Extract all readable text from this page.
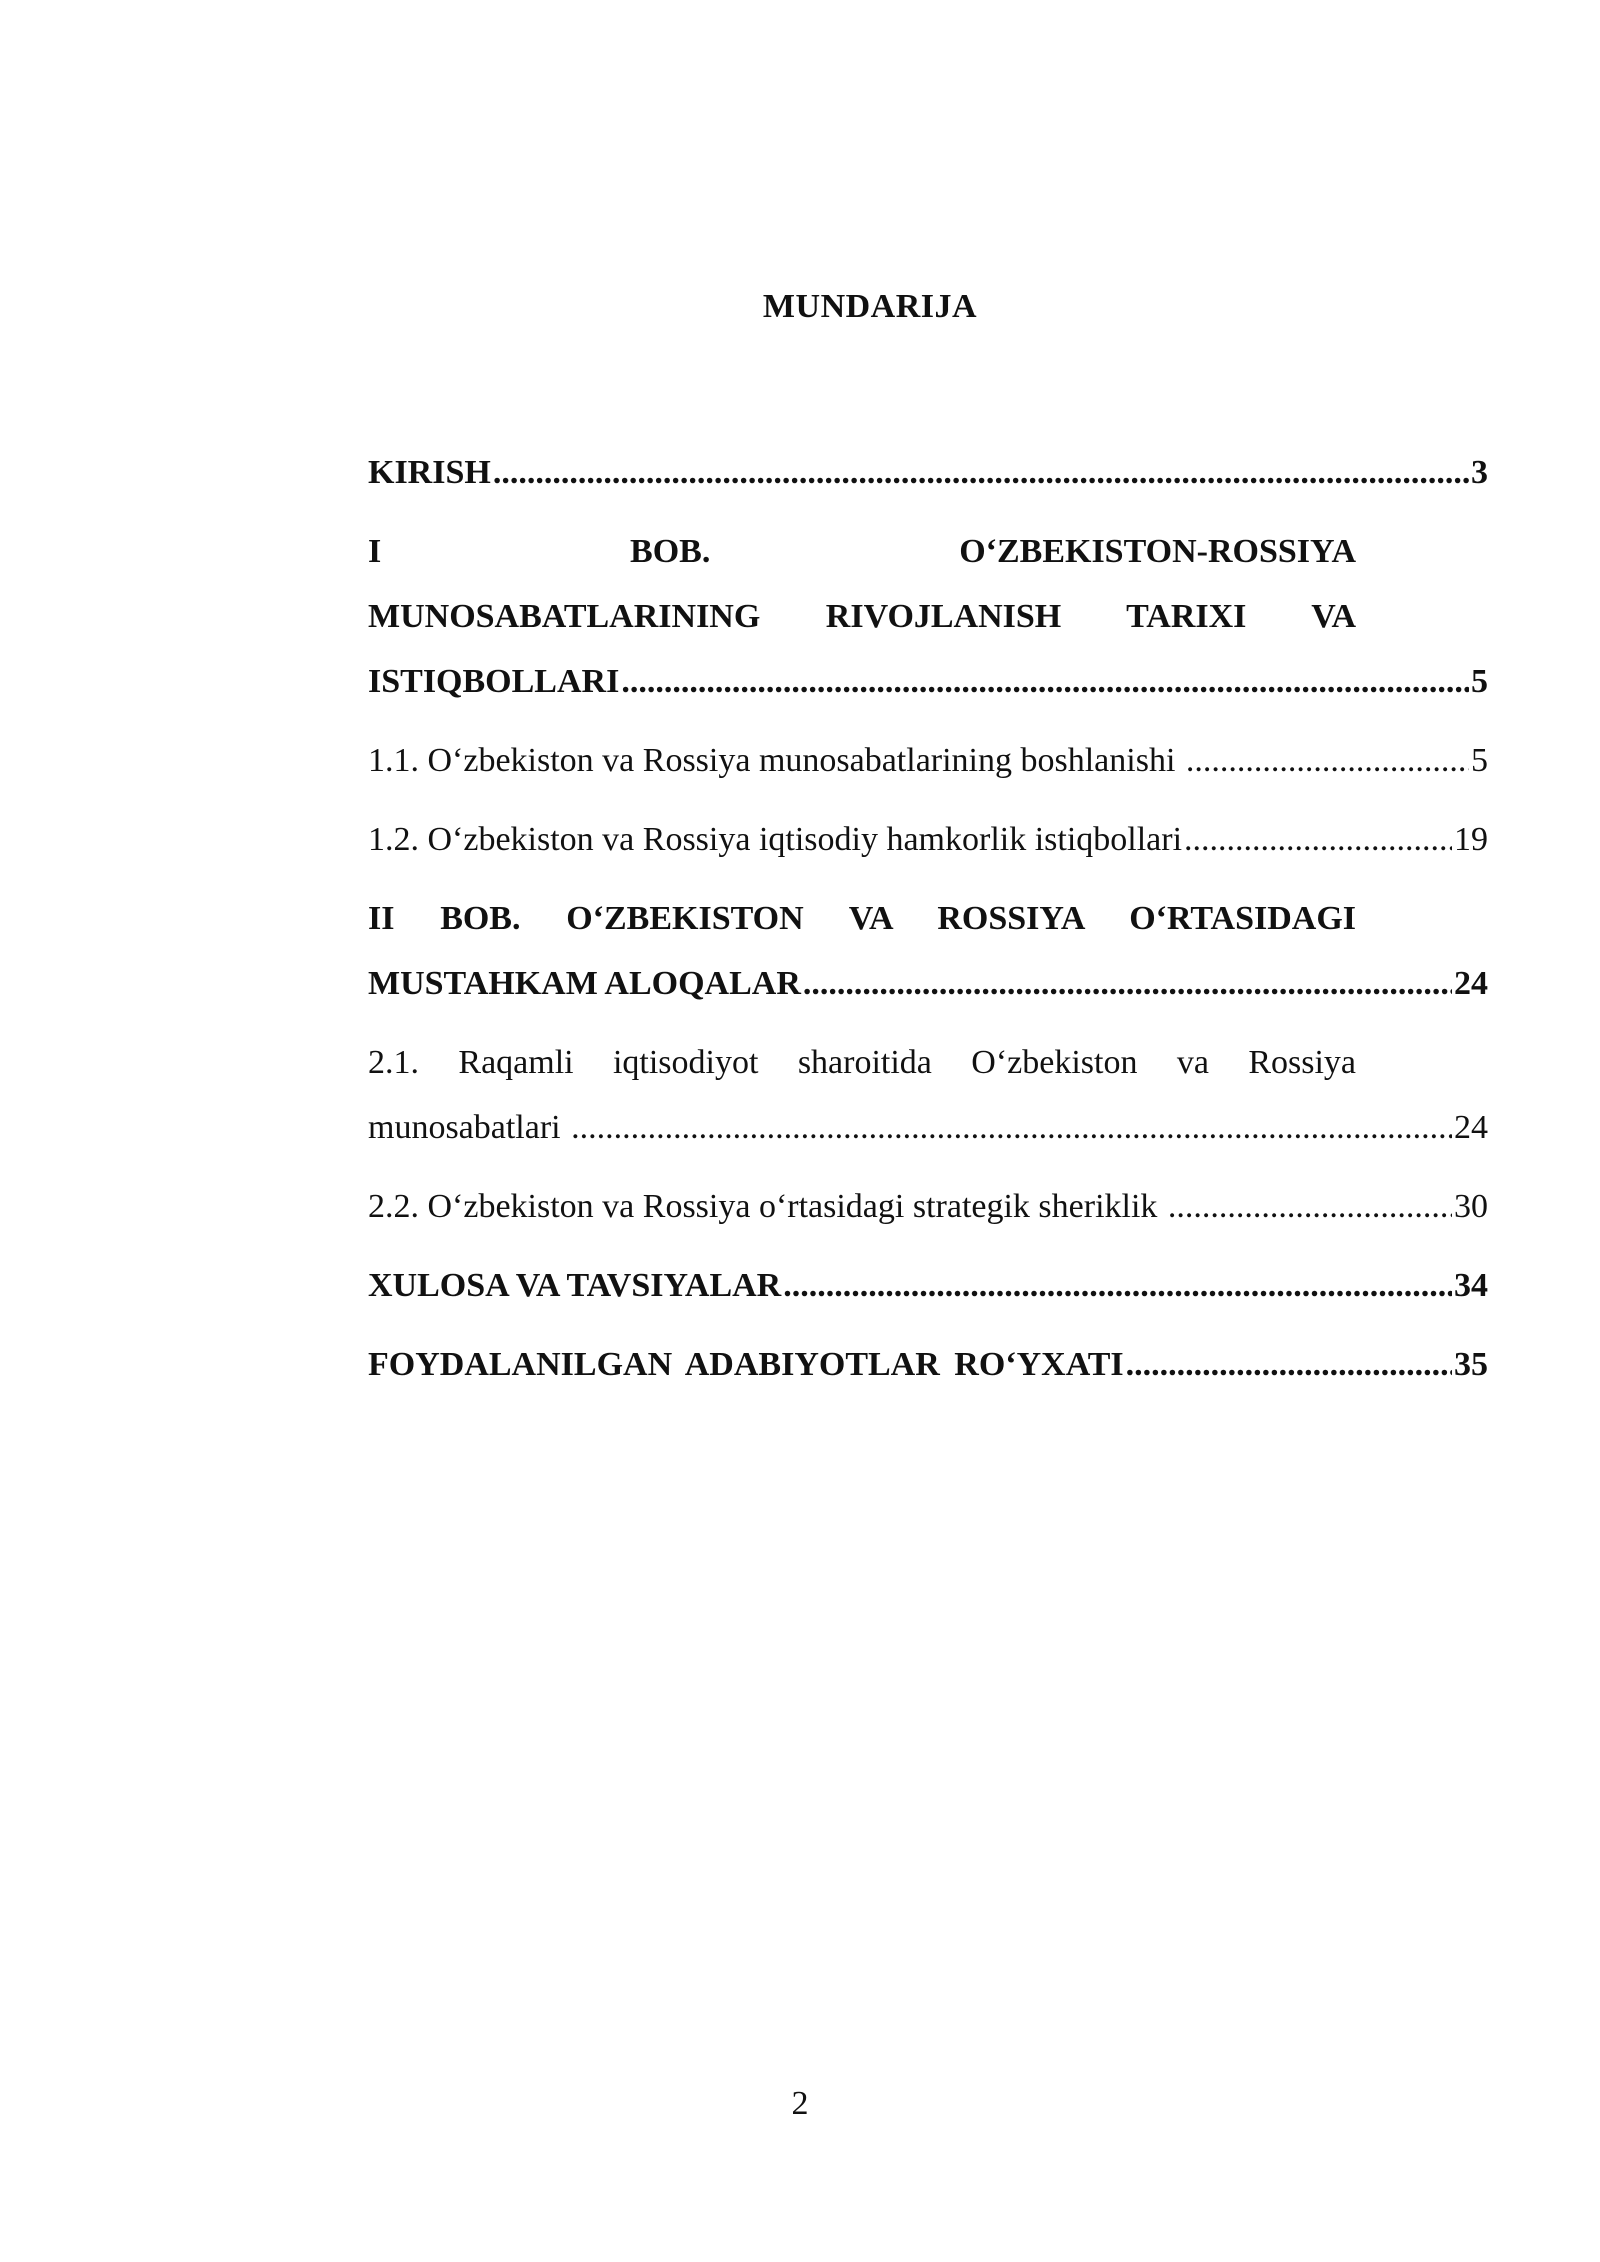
MUNDARIJA
KIRISH .....	3
I BOB. O‘ZBEKISTON-ROSSIYA
MUNOSABATLARINING RIVOJLANISH TARIXI VA
ISTIQBOLLARI .....	5
1.1. O‘zbekiston va Rossiya munosabatlarining boshlanishi .....	5
1.2. O‘zbekiston va Rossiya iqtisodiy hamkorlik istiqbollari .....	19
II BOB. O‘ZBEKISTON VA ROSSIYA O‘RTASIDAGI
MUSTAHKAM ALOQALAR .....	24
2.1. Raqamli iqtisodiyot sharoitida O‘zbekiston va Rossiya
munosabatlari .....	24
2.2. O‘zbekiston va Rossiya o‘rtasidagi strategik sheriklik .....	30
XULOSA VA TAVSIYALAR .....	34
FOYDALANILGAN ADABIYOTLAR RO‘YXATI .....	35
2
